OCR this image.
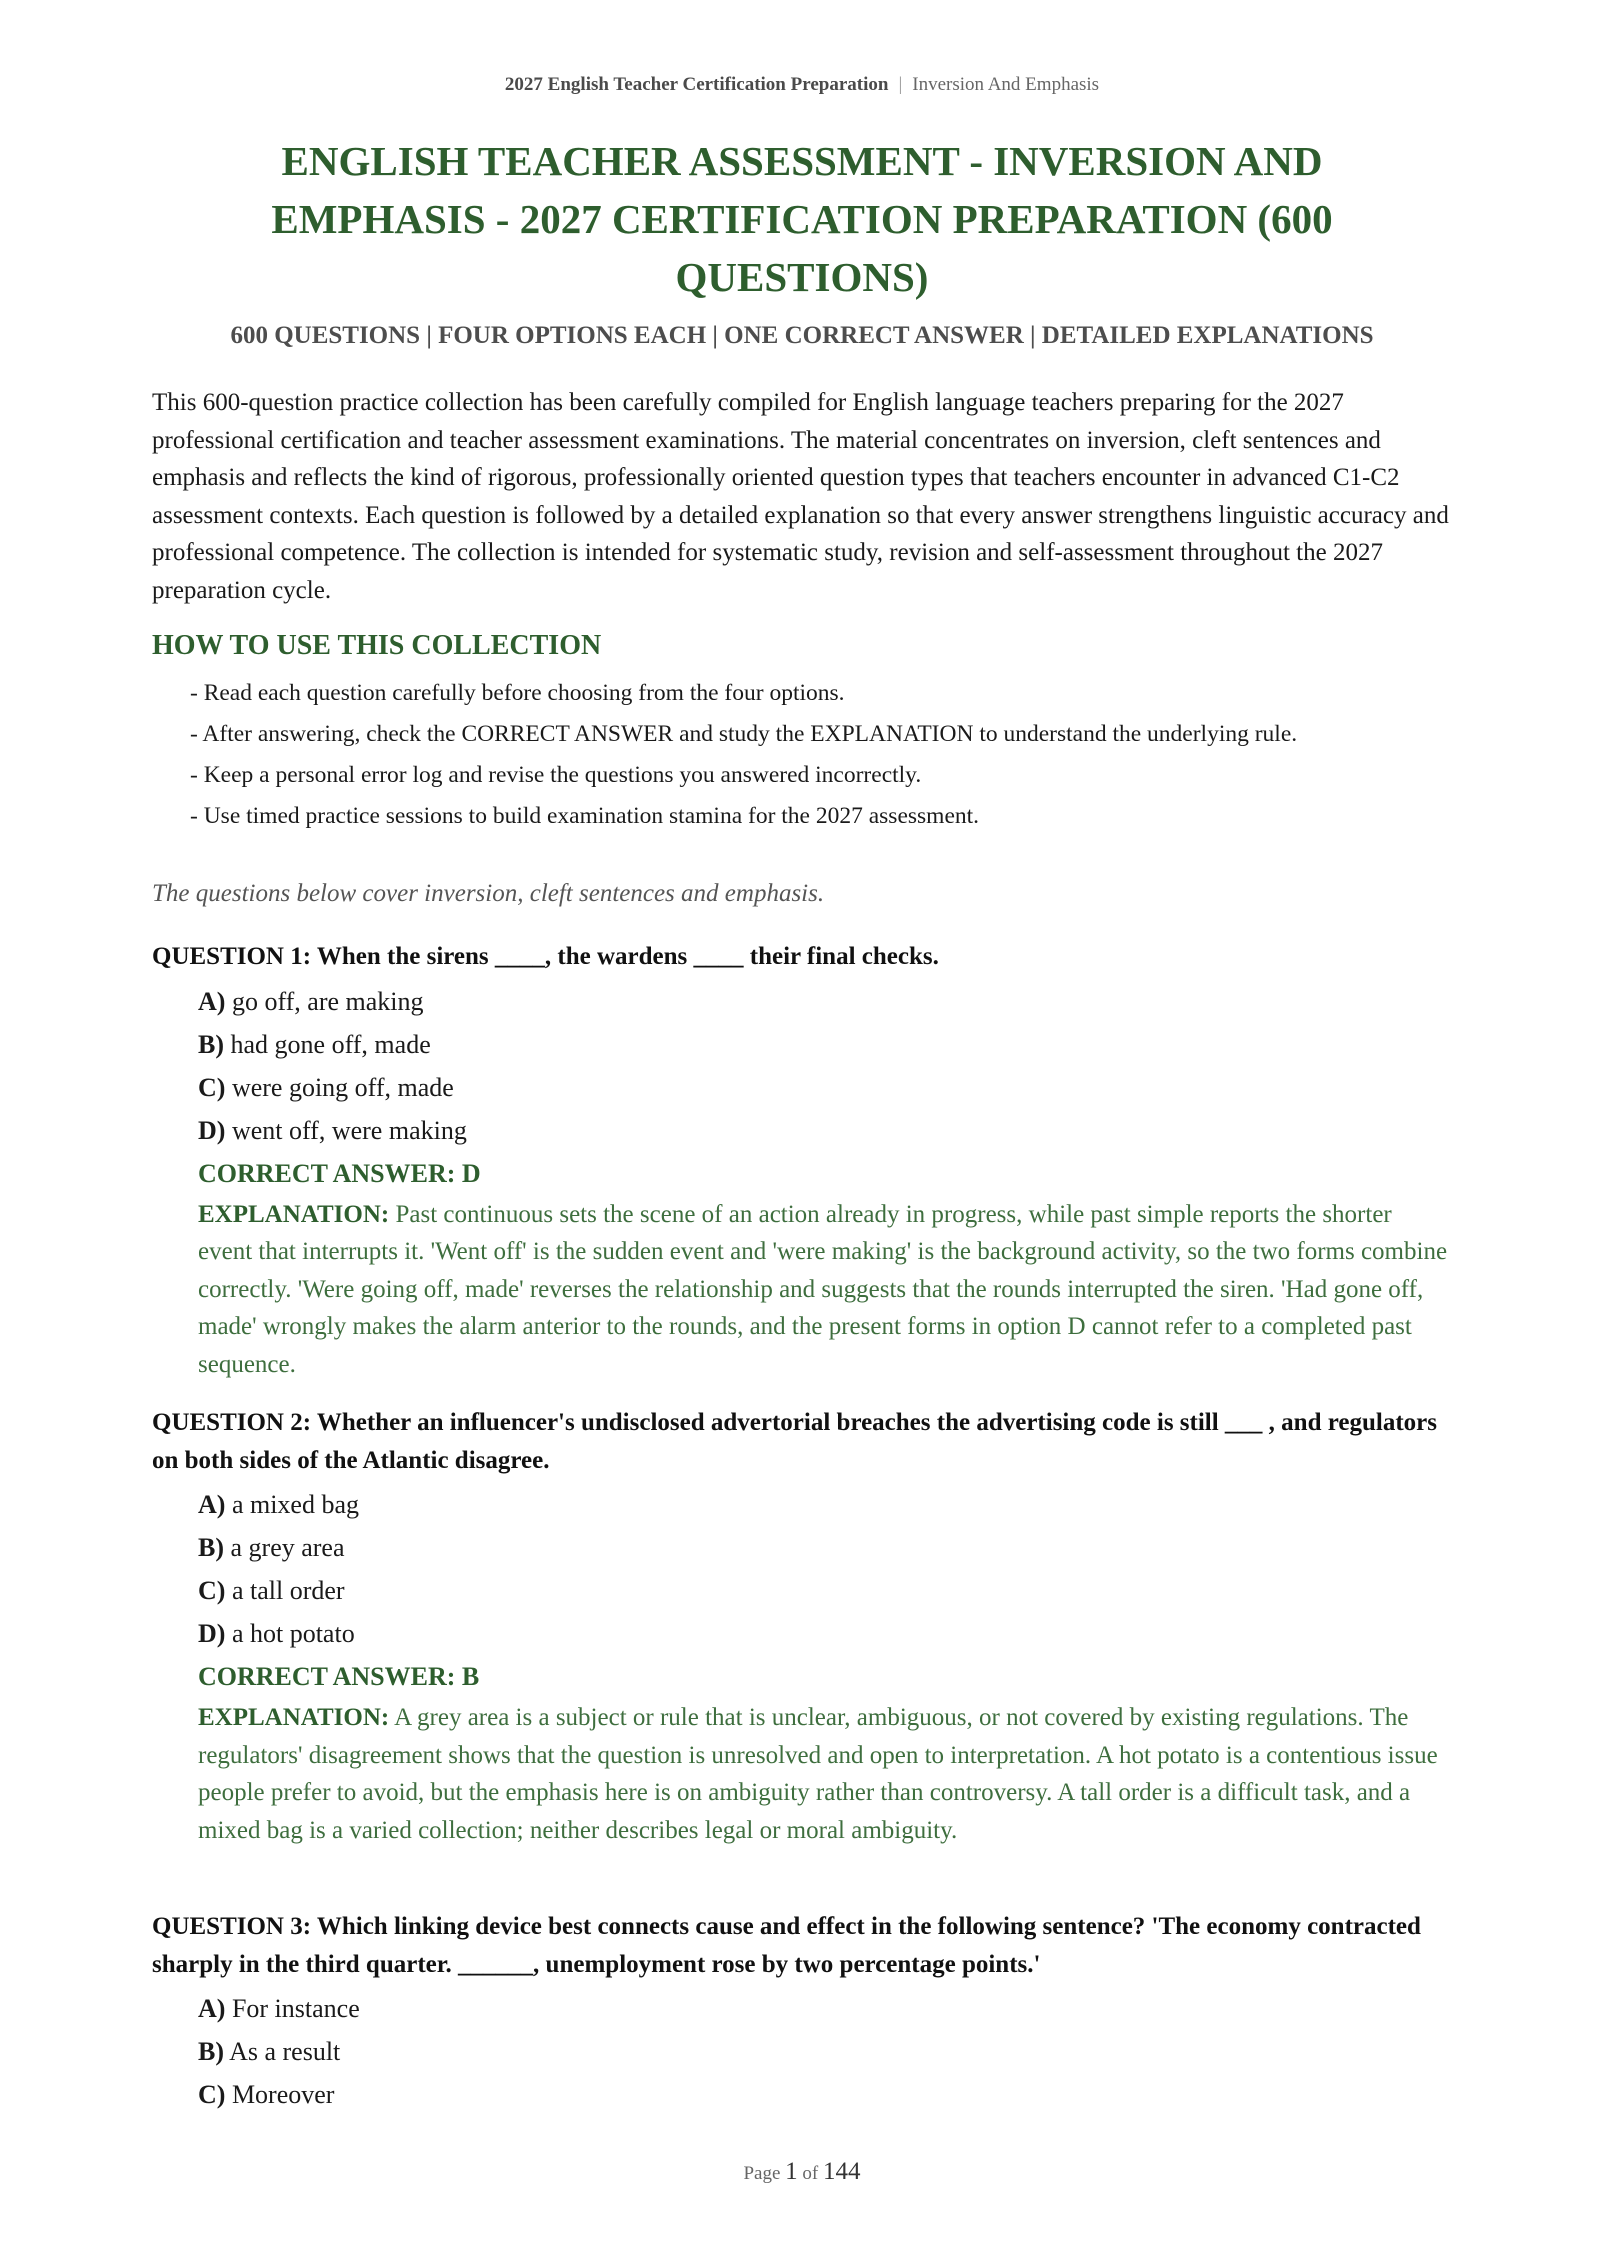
2027 English Teacher Certification Preparation | Inversion And Emphasis
ENGLISH TEACHER ASSESSMENT - INVERSION AND EMPHASIS - 2027 CERTIFICATION PREPARATION (600 QUESTIONS)
600 QUESTIONS | FOUR OPTIONS EACH | ONE CORRECT ANSWER | DETAILED EXPLANATIONS

This 600-question practice collection has been carefully compiled for English language teachers preparing for the 2027 professional certification and teacher assessment examinations. The material concentrates on inversion, cleft sentences and emphasis and reflects the kind of rigorous, professionally oriented question types that teachers encounter in advanced C1-C2 assessment contexts. Each question is followed by a detailed explanation so that every answer strengthens linguistic accuracy and professional competence. The collection is intended for systematic study, revision and self-assessment throughout the 2027 preparation cycle.

HOW TO USE THIS COLLECTION
- Read each question carefully before choosing from the four options.
- After answering, check the CORRECT ANSWER and study the EXPLANATION to understand the underlying rule.
- Keep a personal error log and revise the questions you answered incorrectly.
- Use timed practice sessions to build examination stamina for the 2027 assessment.
The questions below cover inversion, cleft sentences and emphasis.

QUESTION 1: When the sirens ____, the wardens ____ their final checks.

A) go off, are making
B) had gone off, made
C) were going off, made
D) went off, were making
CORRECT ANSWER: D
EXPLANATION: Past continuous sets the scene of an action already in progress, while past simple reports the shorter event that interrupts it. 'Went off' is the sudden event and 'were making' is the background activity, so the two forms combine correctly. 'Were going off, made' reverses the relationship and suggests that the rounds interrupted the siren. 'Had gone off, made' wrongly makes the alarm anterior to the rounds, and the present forms in option D cannot refer to a completed past sequence.

QUESTION 2: Whether an influencer's undisclosed advertorial breaches the advertising code is still ___ , and regulators on both sides of the Atlantic disagree.

A) a mixed bag
B) a grey area
C) a tall order
D) a hot potato
CORRECT ANSWER: B
EXPLANATION: A grey area is a subject or rule that is unclear, ambiguous, or not covered by existing regulations. The regulators' disagreement shows that the question is unresolved and open to interpretation. A hot potato is a contentious issue people prefer to avoid, but the emphasis here is on ambiguity rather than controversy. A tall order is a difficult task, and a mixed bag is a varied collection; neither describes legal or moral ambiguity.

QUESTION 3: Which linking device best connects cause and effect in the following sentence? 'The economy contracted sharply in the third quarter. ______, unemployment rose by two percentage points.'

A) For instance
B) As a result
C) Moreover
Page 1 of 144
